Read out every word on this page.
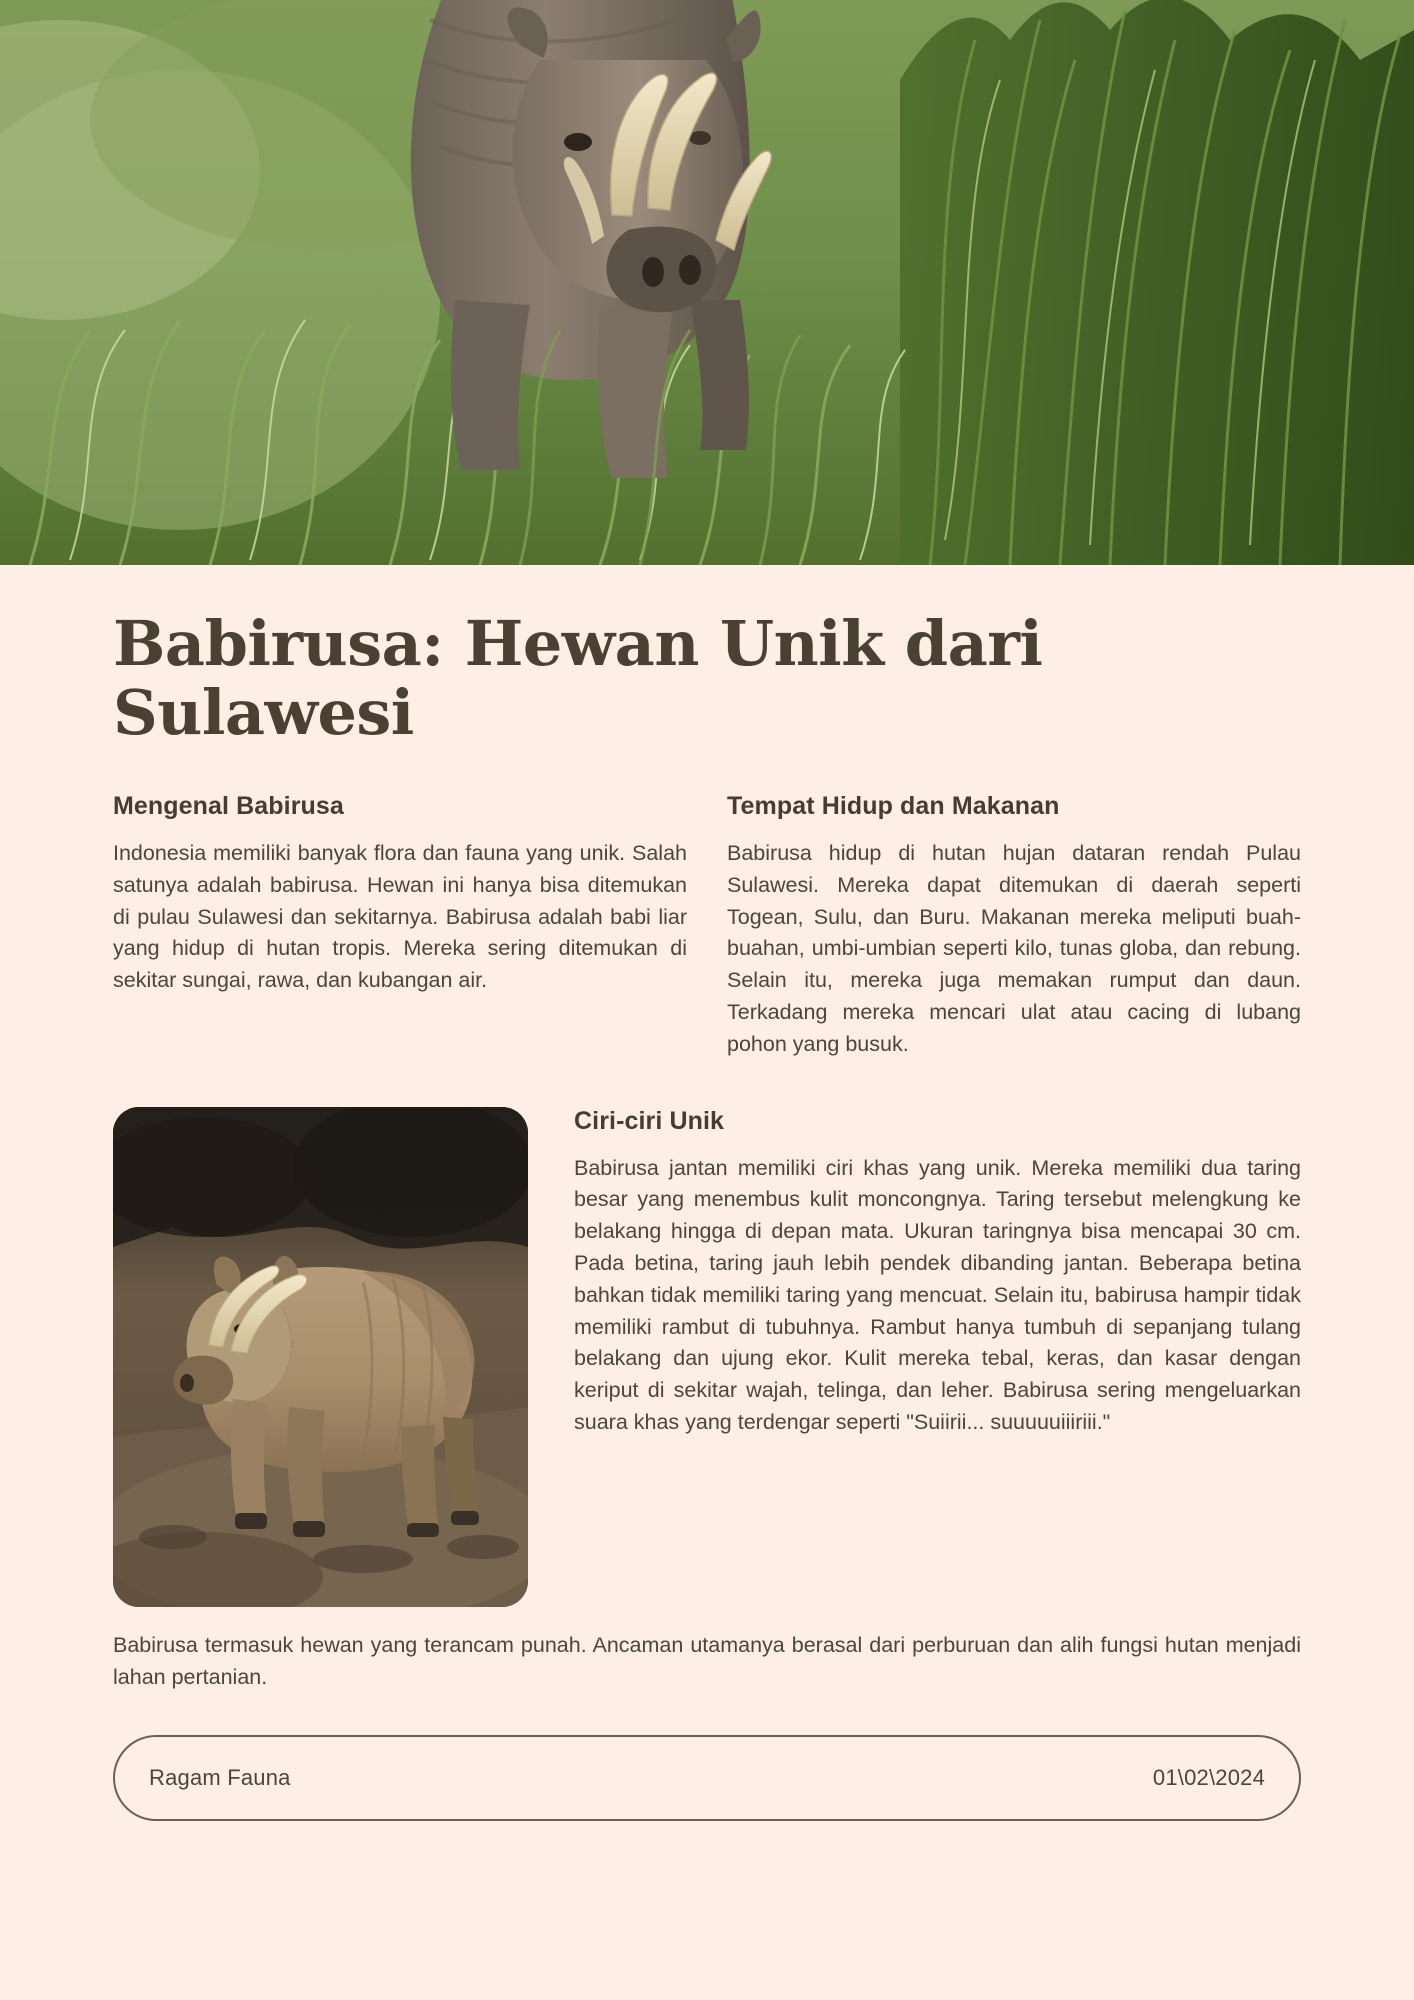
Babirusa: Hewan Unik dari Sulawesi
Mengenal Babirusa

Indonesia memiliki banyak flora dan fauna yang unik. Salah satunya adalah babirusa. Hewan ini hanya bisa ditemukan di pulau Sulawesi dan sekitarnya. Babirusa adalah babi liar yang hidup di hutan tropis. Mereka sering ditemukan di sekitar sungai, rawa, dan kubangan air.

Tempat Hidup dan Makanan

Babirusa hidup di hutan hujan dataran rendah Pulau Sulawesi. Mereka dapat ditemukan di daerah seperti Togean, Sulu, dan Buru. Makanan mereka meliputi buah-buahan, umbi-umbian seperti kilo, tunas globa, dan rebung. Selain itu, mereka juga memakan rumput dan daun. Terkadang mereka mencari ulat atau cacing di lubang pohon yang busuk.

Ciri-ciri Unik

Babirusa jantan memiliki ciri khas yang unik. Mereka memiliki dua taring besar yang menembus kulit moncongnya. Taring tersebut melengkung ke belakang hingga di depan mata. Ukuran taringnya bisa mencapai 30 cm. Pada betina, taring jauh lebih pendek dibanding jantan. Beberapa betina bahkan tidak memiliki taring yang mencuat. Selain itu, babirusa hampir tidak memiliki rambut di tubuhnya. Rambut hanya tumbuh di sepanjang tulang belakang dan ujung ekor. Kulit mereka tebal, keras, dan kasar dengan keriput di sekitar wajah, telinga, dan leher. Babirusa sering mengeluarkan suara khas yang terdengar seperti "Suiirii... suuuuuiiiriii."

Babirusa termasuk hewan yang terancam punah. Ancaman utamanya berasal dari perburuan dan alih fungsi hutan menjadi lahan pertanian.

Ragam Fauna	01\02\2024
